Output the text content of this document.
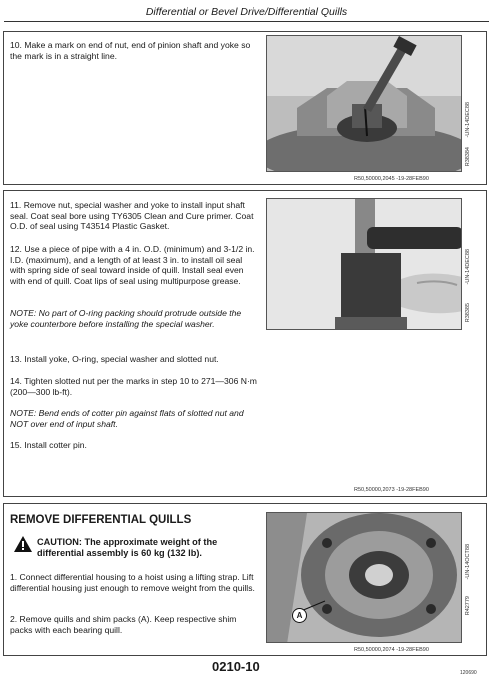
Differential or Bevel Drive/Differential Quills
10. Make a mark on end of nut, end of pinion shaft and yoke so the mark is in a straight line.
-UN-14DEC88
R38384
R50,50000,2045 -19-28FEB90
11. Remove nut, special washer and yoke to install input shaft seal. Coat seal bore using TY6305 Clean and Cure primer. Coat O.D. of seal using T43514 Plastic Gasket.
12. Use a piece of pipe with a 4 in. O.D. (minimum) and 3-1/2 in. I.D. (maximum), and a length of at least 3 in. to install oil seal with spring side of seal toward inside of quill. Install seal even with end of quill. Coat lips of seal using multipurpose grease.
NOTE: No part of O-ring packing should protrude outside the yoke counterbore before installing the special washer.
13. Install yoke, O-ring, special washer and slotted nut.
14. Tighten slotted nut per the marks in step 10 to 271—306 N·m (200—300 lb-ft).
NOTE: Bend ends of cotter pin against flats of slotted nut and NOT over end of input shaft.
15. Install cotter pin.
-UN-14DEC88
R38385
R50,50000,2073 -19-28FEB90
REMOVE DIFFERENTIAL QUILLS
CAUTION: The approximate weight of the differential assembly is 60 kg (132 lb).
1. Connect differential housing to a hoist using a lifting strap. Lift differential housing just enough to remove weight from the quills.
2. Remove quills and shim packs (A). Keep respective shim packs with each bearing quill.
A
-UN-14OCT88
R42779
R50,50000,2074 -19-28FEB90
0210-10	120690
